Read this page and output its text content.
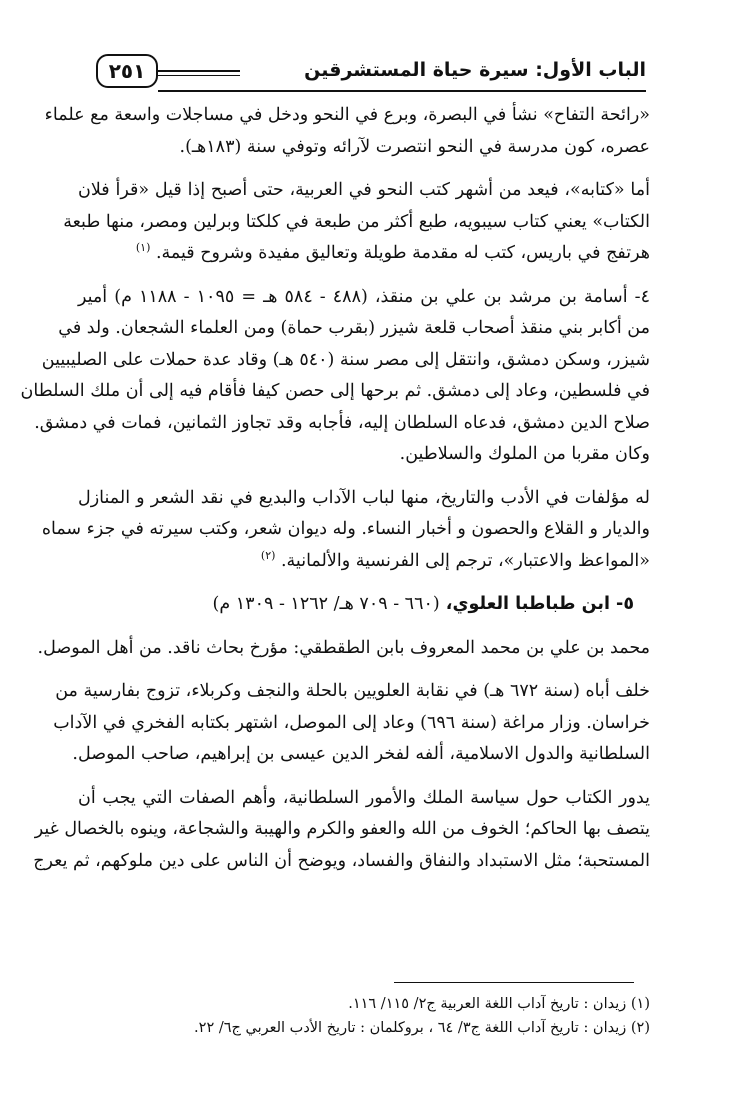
٢٥١	الباب الأول: سيرة حياة المستشرقين

«رائحة التفاح» نشأ في البصرة، وبرع في النحو ودخل في مساجلات واسعة مع علماء
عصره، كون مدرسة في النحو انتصرت لآرائه وتوفي سنة (١٨٣هـ).

أما «كتابه»، فيعد من أشهر كتب النحو في العربية، حتى أصبح إذا قيل «قرأ فلان
الكتاب» يعني كتاب سيبويه، طبع أكثر من طبعة في كلكتا وبرلين ومصر، منها طبعة
هرتفج في باريس، كتب له مقدمة طويلة وتعاليق مفيدة وشروح قيمة. $^{(١)}$

٤- أسامة بن مرشد بن علي بن منقذ، (٤٨٨ - ٥٨٤ هـ = ١٠٩٥ - ١١٨٨ م) أمير
من أكابر بني منقذ أصحاب قلعة شيزر (بقرب حماة) ومن العلماء الشجعان. ولد في
شيزر، وسكن دمشق، وانتقل إلى مصر سنة (٥٤٠ هـ) وقاد عدة حملات على الصليبيين
في فلسطين، وعاد إلى دمشق. ثم برحها إلى حصن كيفا فأقام فيه إلى أن ملك السلطان
صلاح الدين دمشق، فدعاه السلطان إليه، فأجابه وقد تجاوز الثمانين، فمات في دمشق.
وكان مقربا من الملوك والسلاطين.

له مؤلفات في الأدب والتاريخ، منها لباب الآداب والبديع في نقد الشعر و المنازل
والديار و القلاع والحصون و أخبار النساء. وله ديوان شعر، وكتب سيرته في جزء سماه
«المواعظ والاعتبار»، ترجم إلى الفرنسية والألمانية. $^{(٢)}$

٥- ابن طباطبا العلوي، (٦٦٠ - ٧٠٩ هـ/ ١٢٦٢ - ١٣٠٩ م)

محمد بن علي بن محمد المعروف بابن الطقطقي: مؤرخ بحاث ناقد. من أهل الموصل.

خلف أباه (سنة ٦٧٢ هـ) في نقابة العلويين بالحلة والنجف وكربلاء، تزوج بفارسية من
خراسان. وزار مراغة (سنة ٦٩٦) وعاد إلى الموصل، اشتهر بكتابه الفخري في الآداب
السلطانية والدول الاسلامية، ألفه لفخر الدين عيسى بن إبراهيم، صاحب الموصل.

يدور الكتاب حول سياسة الملك والأمور السلطانية، وأهم الصفات التي يجب أن
يتصف بها الحاكم؛ الخوف من الله والعفو والكرم والهيبة والشجاعة، وينوه بالخصال غير
المستحبة؛ مثل الاستبداد والنفاق والفساد، ويوضح أن الناس على دين ملوكهم، ثم يعرج

(١) زيدان : تاريخ آداب اللغة العربية ج٢/ ١١٥/ ١١٦.
(٢) زيدان : تاريخ آداب اللغة ج٣/ ٦٤ ، بروكلمان : تاريخ الأدب العربي ج٦/ ٢٢.
